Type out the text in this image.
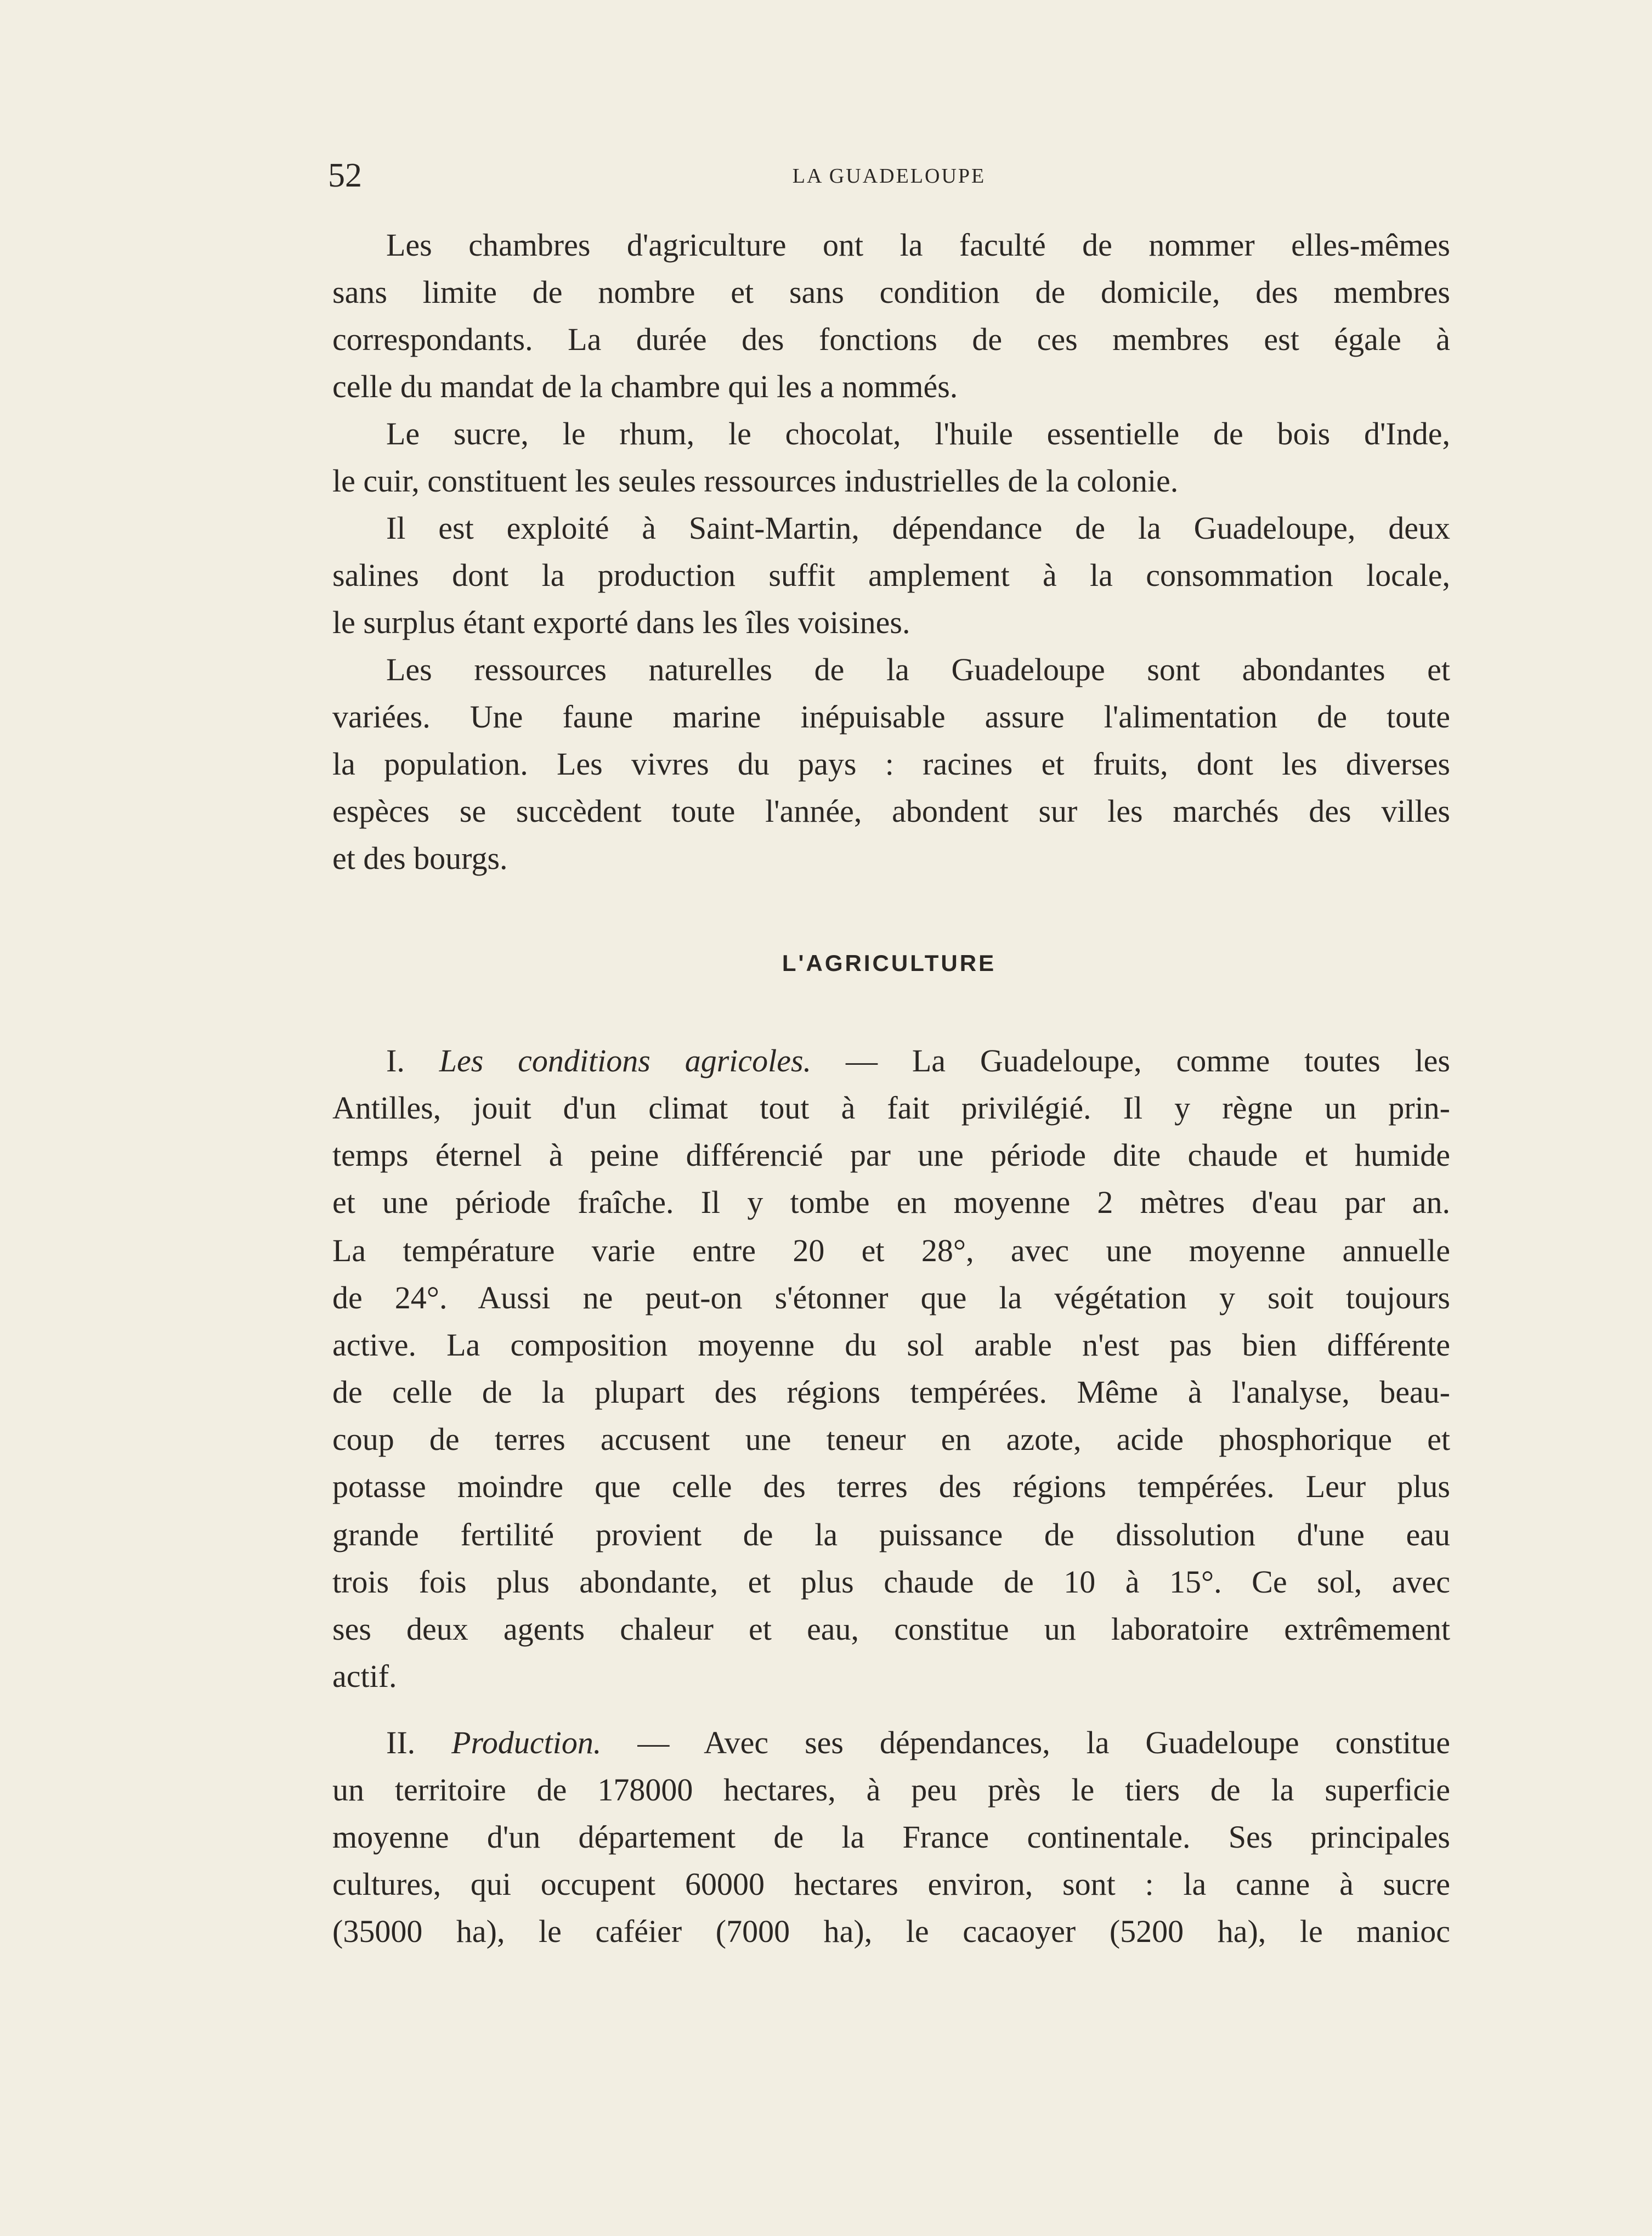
52	LA GUADELOUPE
L'AGRICULTURE
Les chambres d'agriculture ont la faculté de nommer elles-mêmes
sans limite de nombre et sans condition de domicile, des membres
correspondants. La durée des fonctions de ces membres est égale à
celle du mandat de la chambre qui les a nommés.
Le sucre, le rhum, le chocolat, l'huile essentielle de bois d'Inde,
le cuir, constituent les seules ressources industrielles de la colonie.
Il est exploité à Saint-Martin, dépendance de la Guadeloupe, deux
salines dont la production suffit amplement à la consommation locale,
le surplus étant exporté dans les îles voisines.
Les ressources naturelles de la Guadeloupe sont abondantes et
variées. Une faune marine inépuisable assure l'alimentation de toute
la population. Les vivres du pays : racines et fruits, dont les diverses
espèces se succèdent toute l'année, abondent sur les marchés des villes
et des bourgs.
I. Les conditions agricoles. — La Guadeloupe, comme toutes les
Antilles, jouit d'un climat tout à fait privilégié. Il y règne un prin-
temps éternel à peine différencié par une période dite chaude et humide
et une période fraîche. Il y tombe en moyenne 2 mètres d'eau par an.
La température varie entre 20 et 28°, avec une moyenne annuelle
de 24°. Aussi ne peut-on s'étonner que la végétation y soit toujours
active. La composition moyenne du sol arable n'est pas bien différente
de celle de la plupart des régions tempérées. Même à l'analyse, beau-
coup de terres accusent une teneur en azote, acide phosphorique et
potasse moindre que celle des terres des régions tempérées. Leur plus
grande fertilité provient de la puissance de dissolution d'une eau
trois fois plus abondante, et plus chaude de 10 à 15°. Ce sol, avec
ses deux agents chaleur et eau, constitue un laboratoire extrêmement
actif.
II. Production. — Avec ses dépendances, la Guadeloupe constitue
un territoire de 178000 hectares, à peu près le tiers de la superficie
moyenne d'un département de la France continentale. Ses principales
cultures, qui occupent 60000 hectares environ, sont : la canne à sucre
(35000 ha), le caféier (7000 ha), le cacaoyer (5200 ha), le manioc
